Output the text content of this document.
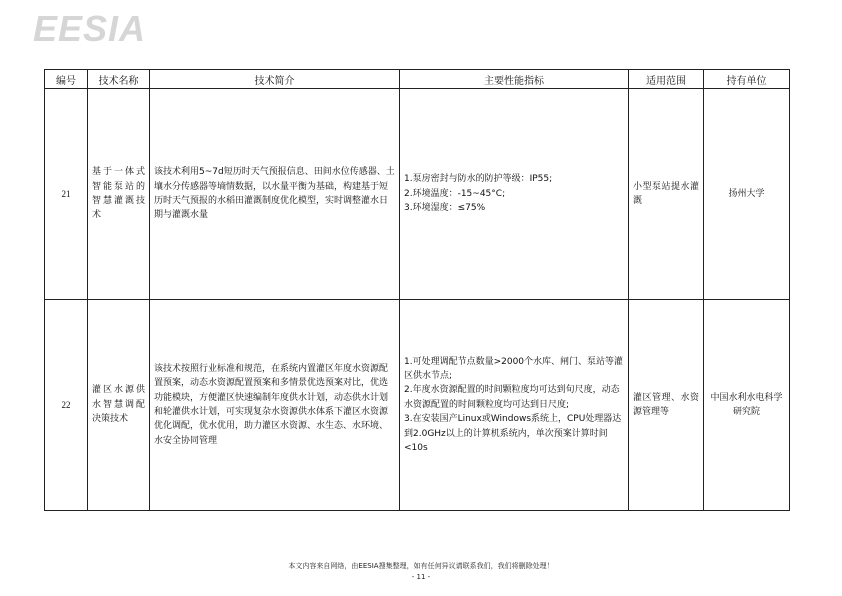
EESIA
编号	技术名称	技术简介	主要性能指标	适用范围	持有单位
21	基于一体式智能泵站的智慧灌溉技术	该技术利用5~7d短历时天气预报信息、田间水位传感器、土壤水分传感器等墒情数据，以水量平衡为基础，构建基于短历时天气预报的水稻田灌溉制度优化模型，实时调整灌水日期与灌溉水量	1.泵房密封与防水的防护等级：IP55;
2.环境温度：-15~45°C;
3.环境湿度：≤75%	小型泵站提水灌溉	扬州大学
22	灌区水源供水智慧调配决策技术	该技术按照行业标准和规范，在系统内置灌区年度水资源配置预案，动态水资源配置预案和多情景优选预案对比，优选功能模块，方便灌区快速编制年度供水计划，动态供水计划和轮灌供水计划，可实现复杂水资源供水体系下灌区水资源优化调配，优水优用，助力灌区水资源、水生态、水环境、水安全协同管理	1.可处理调配节点数量>2000个水库、闸门、泵站等灌区供水节点;
2.年度水资源配置的时间颗粒度均可达到旬尺度，动态水资源配置的时间颗粒度均可达到日尺度;
3.在安装国产Linux或Windows系统上，CPU处理器达到2.0GHz以上的计算机系统内，单次预案计算时间<10s	灌区管理、水资源管理等	中国水利水电科学研究院
本文内容来自网络，由EESIA搜集整理，如有任何异议请联系我们，我们将删除处理！
- 11 -
